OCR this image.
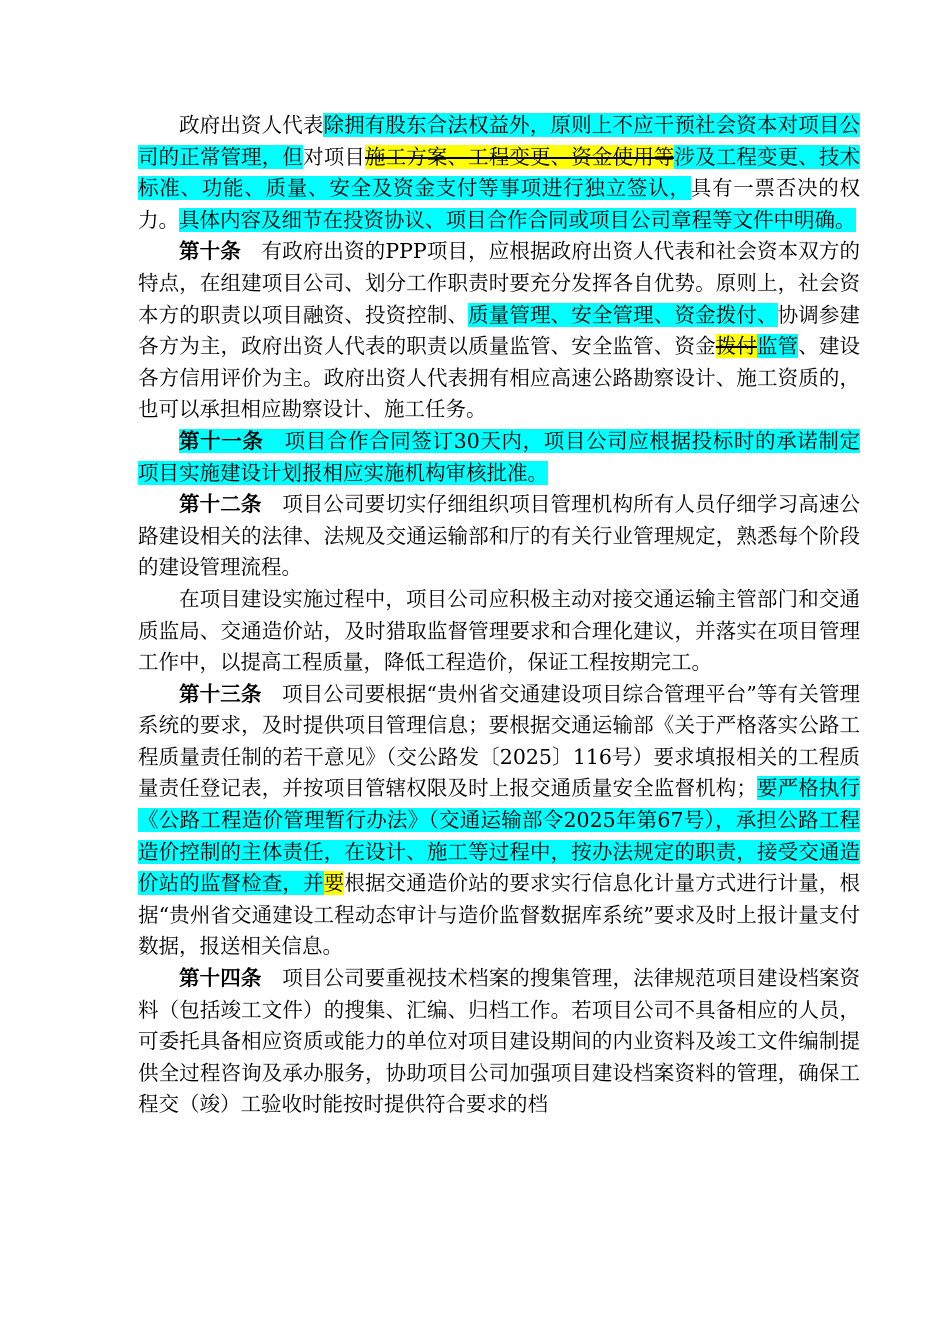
政府出资人代表除拥有股东合法权益外，原则上不应干预社会资本对项目公司的正常管理，但对项目施工方案、工程变更、资金使用等涉及工程变更、技术标准、功能、质量、安全及资金支付等事项进行独立签认，具有一票否决的权力。具体内容及细节在投资协议、项目合作合同或项目公司章程等文件中明确。

第十条  有政府出资的PPP项目，应根据政府出资人代表和社会资本双方的特点，在组建项目公司、划分工作职责时要充分发挥各自优势。原则上，社会资本方的职责以项目融资、投资控制、质量管理、安全管理、资金拨付、协调参建各方为主，政府出资人代表的职责以质量监管、安全监管、资金拨付监管、建设各方信用评价为主。政府出资人代表拥有相应高速公路勘察设计、施工资质的，也可以承担相应勘察设计、施工任务。

第十一条  项目合作合同签订30天内，项目公司应根据投标时的承诺制定项目实施建设计划报相应实施机构审核批准。

第十二条  项目公司要切实仔细组织项目管理机构所有人员仔细学习高速公路建设相关的法律、法规及交通运输部和厅的有关行业管理规定，熟悉每个阶段的建设管理流程。

在项目建设实施过程中，项目公司应积极主动对接交通运输主管部门和交通质监局、交通造价站，及时猎取监督管理要求和合理化建议，并落实在项目管理工作中，以提高工程质量，降低工程造价，保证工程按期完工。

第十三条  项目公司要根据“贵州省交通建设项目综合管理平台”等有关管理系统的要求，及时提供项目管理信息；要根据交通运输部《关于严格落实公路工程质量责任制的若干意见》（交公路发〔2025〕116号）要求填报相关的工程质量责任登记表，并按项目管辖权限及时上报交通质量安全监督机构；要严格执行《公路工程造价管理暂行办法》（交通运输部令2025年第67号），承担公路工程造价控制的主体责任，在设计、施工等过程中，按办法规定的职责，接受交通造价站的监督检查，并要根据交通造价站的要求实行信息化计量方式进行计量，根据“贵州省交通建设工程动态审计与造价监督数据库系统”要求及时上报计量支付数据，报送相关信息。

第十四条  项目公司要重视技术档案的搜集管理，法律规范项目建设档案资料（包括竣工文件）的搜集、汇编、归档工作。若项目公司不具备相应的人员，可委托具备相应资质或能力的单位对项目建设期间的内业资料及竣工文件编制提供全过程咨询及承办服务，协助项目公司加强项目建设档案资料的管理，确保工程交（竣）工验收时能按时提供符合要求的档
